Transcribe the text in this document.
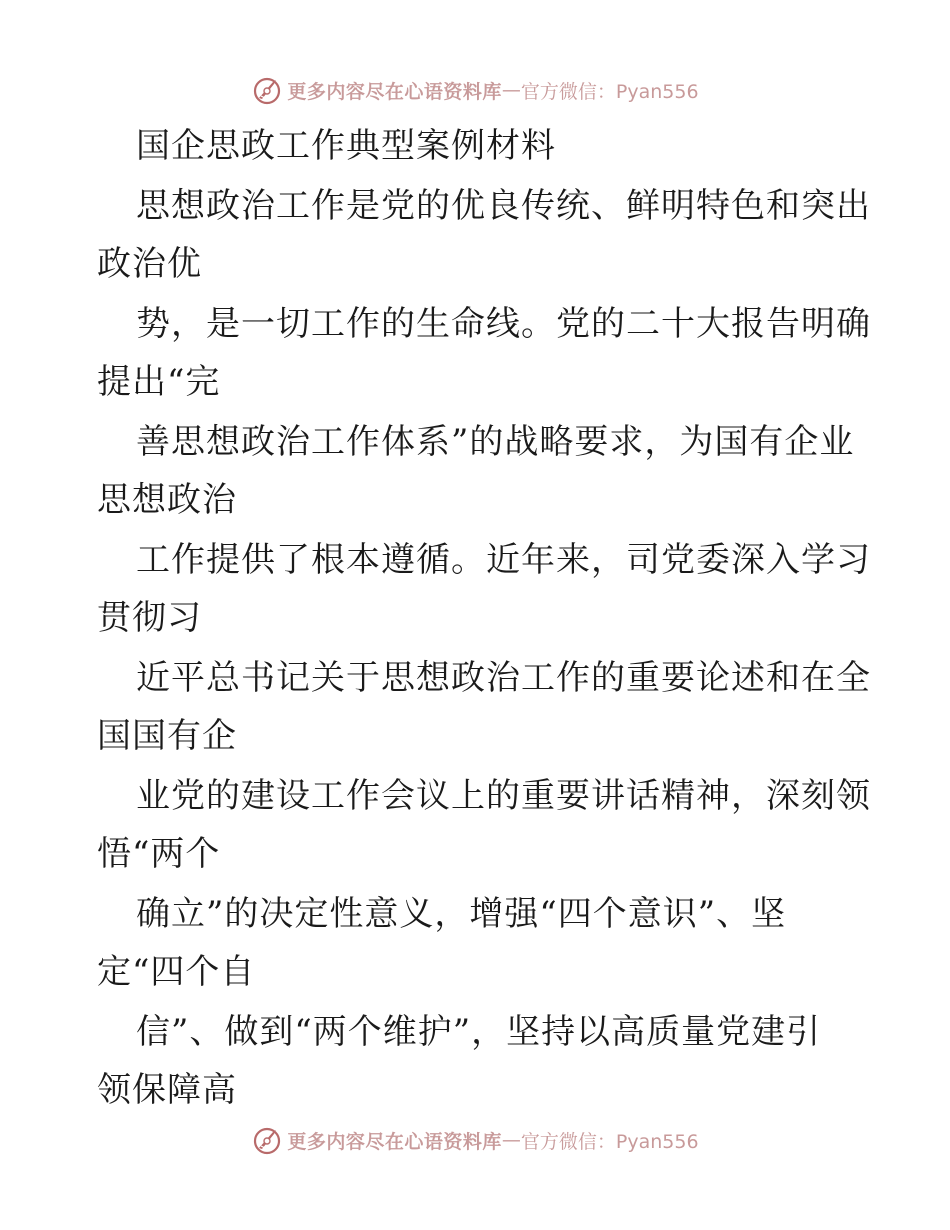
更多内容尽在心语资料库 — 官方微信：Pyan556
国企思政工作典型案例材料
思想政治工作是党的优良传统、鲜明特色和突出
政治优
势，是一切工作的生命线。党的二十大报告明确
提出“完
善思想政治工作体系”的战略要求，为国有企业
思想政治
工作提供了根本遵循。近年来，司党委深入学习
贯彻习
近平总书记关于思想政治工作的重要论述和在全
国国有企
业党的建设工作会议上的重要讲话精神，深刻领
悟“两个
确立”的决定性意义，增强“四个意识”、坚
定“四个自
信”、做到“两个维护”，坚持以高质量党建引
领保障高
更多内容尽在心语资料库 — 官方微信：Pyan556
